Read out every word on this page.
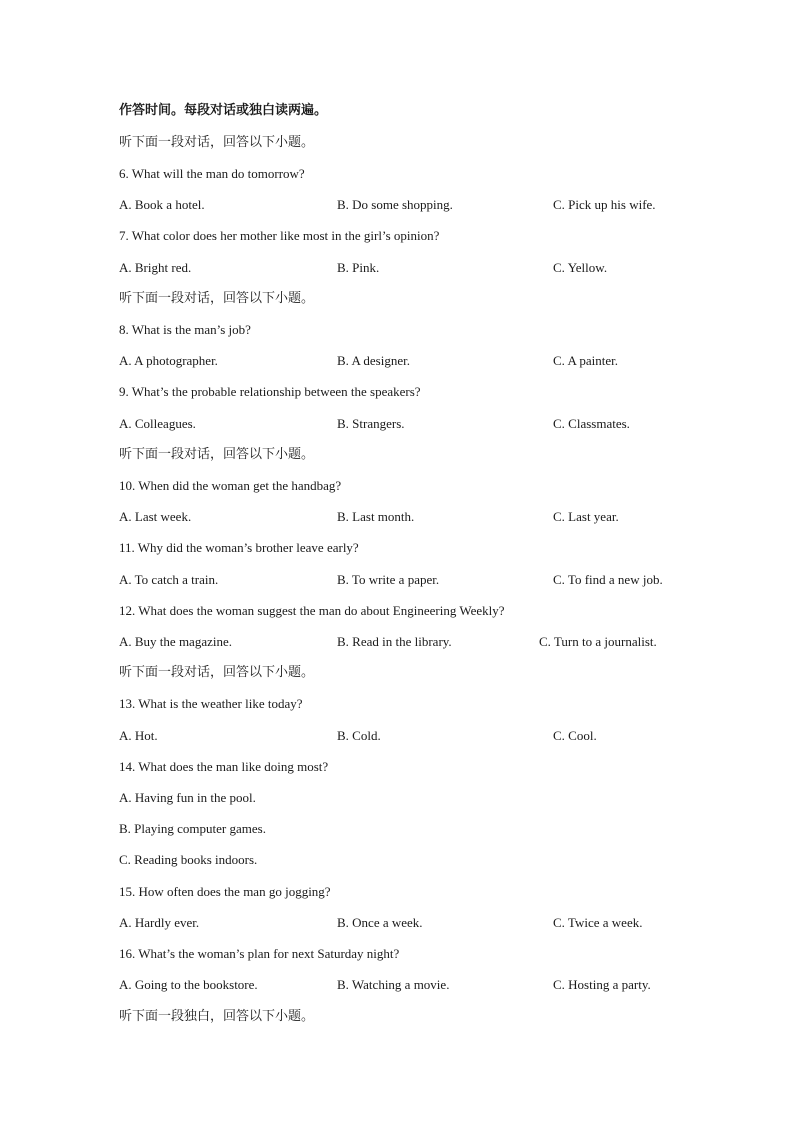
作答时间。每段对话或独白读两遍。
听下面一段对话，回答以下小题。
6. What will the man do tomorrow?
A. Book a hotel.	B. Do some shopping.	C. Pick up his wife.
7. What color does her mother like most in the girl’s opinion?
A. Bright red.	B. Pink.	C. Yellow.
听下面一段对话，回答以下小题。
8. What is the man’s job?
A. A photographer.	B. A designer.	C. A painter.
9. What’s the probable relationship between the speakers?
A. Colleagues.	B. Strangers.	C. Classmates.
听下面一段对话，回答以下小题。
10. When did the woman get the handbag?
A. Last week.	B. Last month.	C. Last year.
11. Why did the woman’s brother leave early?
A. To catch a train.	B. To write a paper.	C. To find a new job.
12. What does the woman suggest the man do about Engineering Weekly?
A. Buy the magazine.	B. Read in the library.	C. Turn to a journalist.
听下面一段对话，回答以下小题。
13. What is the weather like today?
A. Hot.	B. Cold.	C. Cool.
14. What does the man like doing most?
A. Having fun in the pool.
B. Playing computer games.
C. Reading books indoors.
15. How often does the man go jogging?
A. Hardly ever.	B. Once a week.	C. Twice a week.
16. What’s the woman’s plan for next Saturday night?
A. Going to the bookstore.	B. Watching a movie.	C. Hosting a party.
听下面一段独白，回答以下小题。
